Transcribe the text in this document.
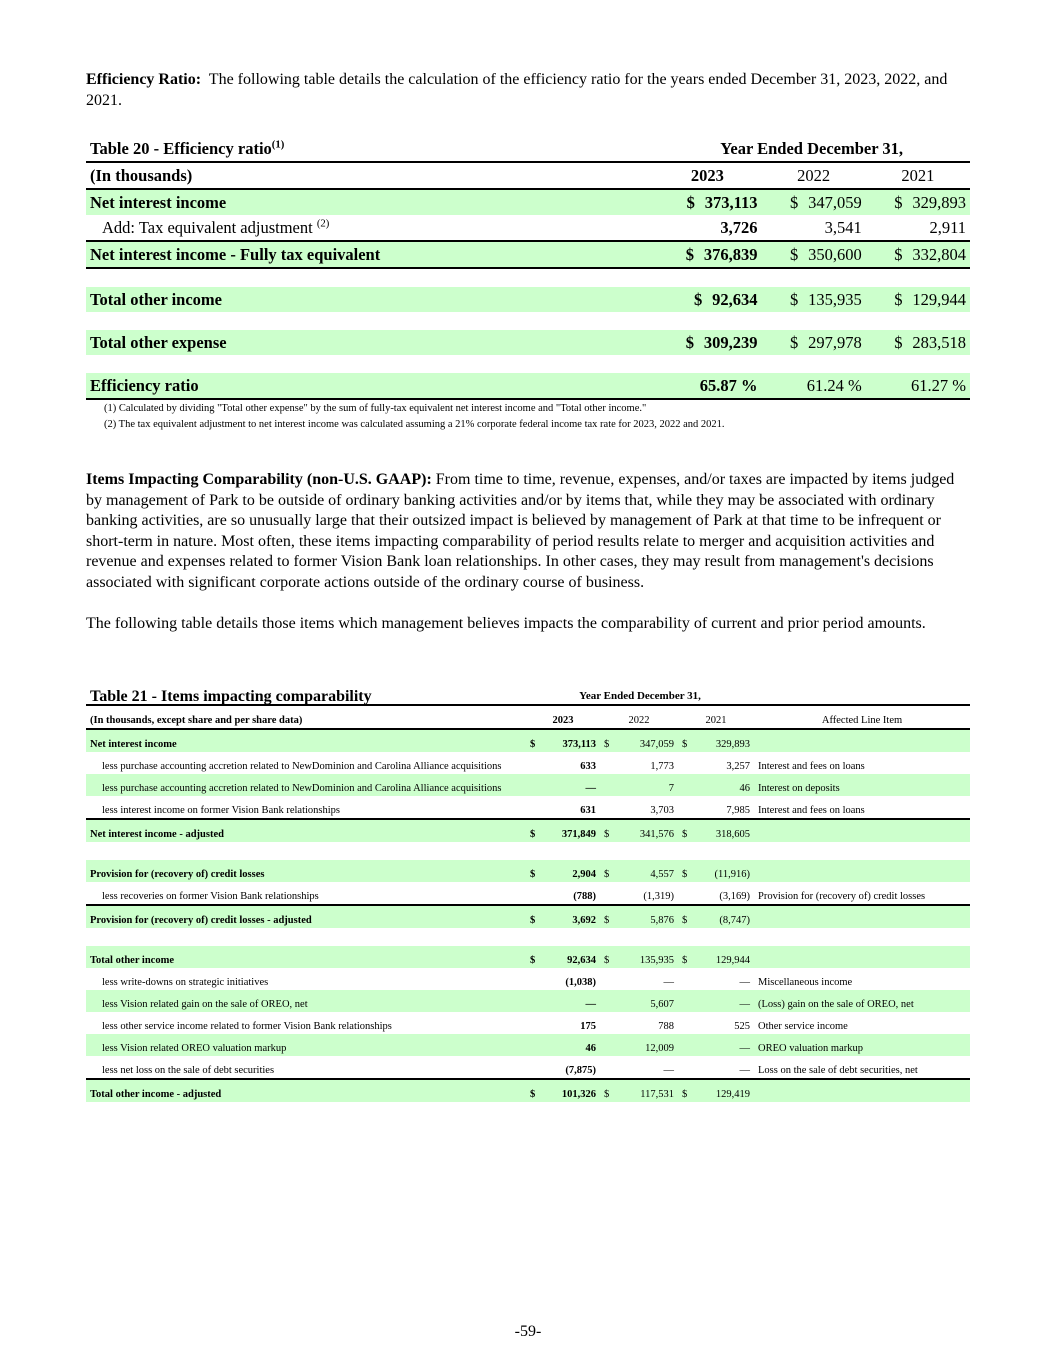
Efficiency Ratio: The following table details the calculation of the efficiency ratio for the years ended December 31, 2023, 2022, and 2021.

Table 20 - Efficiency ratio$^{(1)}$	Year Ended December 31,		
(In thousands)	2023	2022	2021
Net interest income	$ 373,113	$ 347,059	$ 329,893
Add: Tax equivalent adjustment $^{(2)}$	3,726	3,541	2,911
Net interest income - Fully tax equivalent	$ 376,839	$ 350,600	$ 332,804

Total other income	$ 92,634	$ 135,935	$ 129,944

Total other expense	$ 309,239	$ 297,978	$ 283,518

Efficiency ratio	65.87 %	61.24 %	61.27 %
(1) Calculated by dividing "Total other expense" by the sum of fully-tax equivalent net interest income and "Total other income."
(2) The tax equivalent adjustment to net interest income was calculated assuming a 21% corporate federal income tax rate for 2023, 2022 and 2021.

Items Impacting Comparability (non-U.S. GAAP): From time to time, revenue, expenses, and/or taxes are impacted by items judged by management of Park to be outside of ordinary banking activities and/or by items that, while they may be associated with ordinary banking activities, are so unusually large that their outsized impact is believed by management of Park at that time to be infrequent or short-term in nature. Most often, these items impacting comparability of period results relate to merger and acquisition activities and revenue and expenses related to former Vision Bank loan relationships. In other cases, they may result from management's decisions associated with significant corporate actions outside of the ordinary course of business.

The following table details those items which management believes impacts the comparability of current and prior period amounts.

Table 21 - Items impacting comparability	Year Ended December 31,			
(In thousands, except share and per share data)	2023	2022	2021	Affected Line Item
Net interest income	$ 373,113	$ 347,059	$ 329,893	
less purchase accounting accretion related to NewDominion and Carolina Alliance acquisitions	633	1,773	3,257	Interest and fees on loans
less purchase accounting accretion related to NewDominion and Carolina Alliance acquisitions	—	7	46	Interest on deposits
less interest income on former Vision Bank relationships	631	3,703	7,985	Interest and fees on loans
Net interest income - adjusted	$ 371,849	$ 341,576	$ 318,605	

Provision for (recovery of) credit losses	$ 2,904	$ 4,557	$ (11,916)	
less recoveries on former Vision Bank relationships	(788)	(1,319)	(3,169)	Provision for (recovery of) credit losses
Provision for (recovery of) credit losses - adjusted	$ 3,692	$ 5,876	$ (8,747)	

Total other income	$ 92,634	$ 135,935	$ 129,944	
less write-downs on strategic initiatives	(1,038)	—	—	Miscellaneous income
less Vision related gain on the sale of OREO, net	—	5,607	—	(Loss) gain on the sale of OREO, net
less other service income related to former Vision Bank relationships	175	788	525	Other service income
less Vision related OREO valuation markup	46	12,009	—	OREO valuation markup
less net loss on the sale of debt securities	(7,875)	—	—	Loss on the sale of debt securities, net
Total other income - adjusted	$ 101,326	$ 117,531	$ 129,419	
-59-
